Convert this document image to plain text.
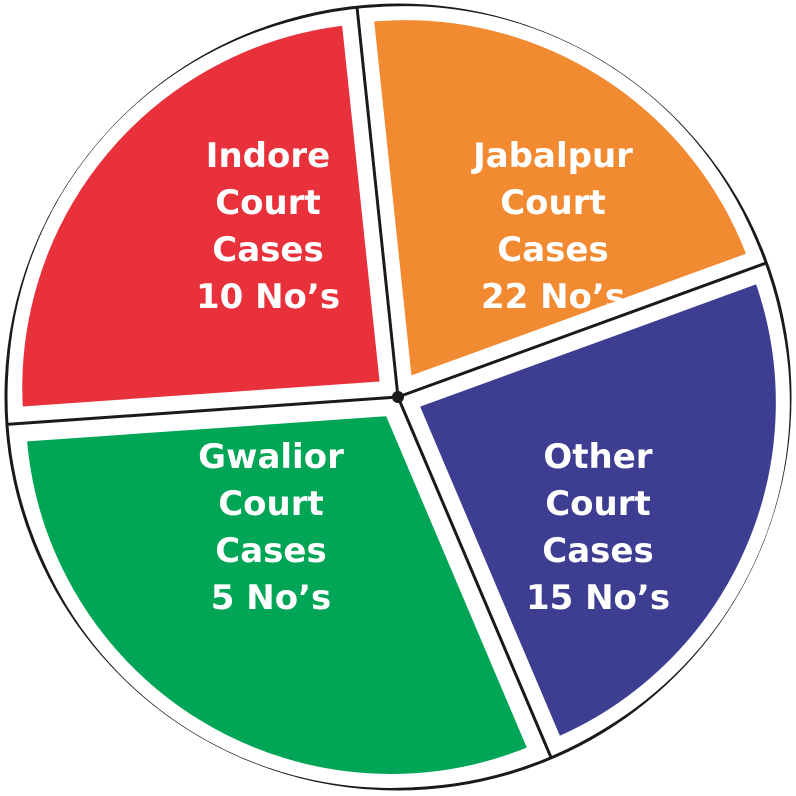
Indore Court Cases 10 No’s
Jabalpur Court Cases 22 No’s
Other Court Cases 15 No’s
Gwalior Court Cases 5 No’s
